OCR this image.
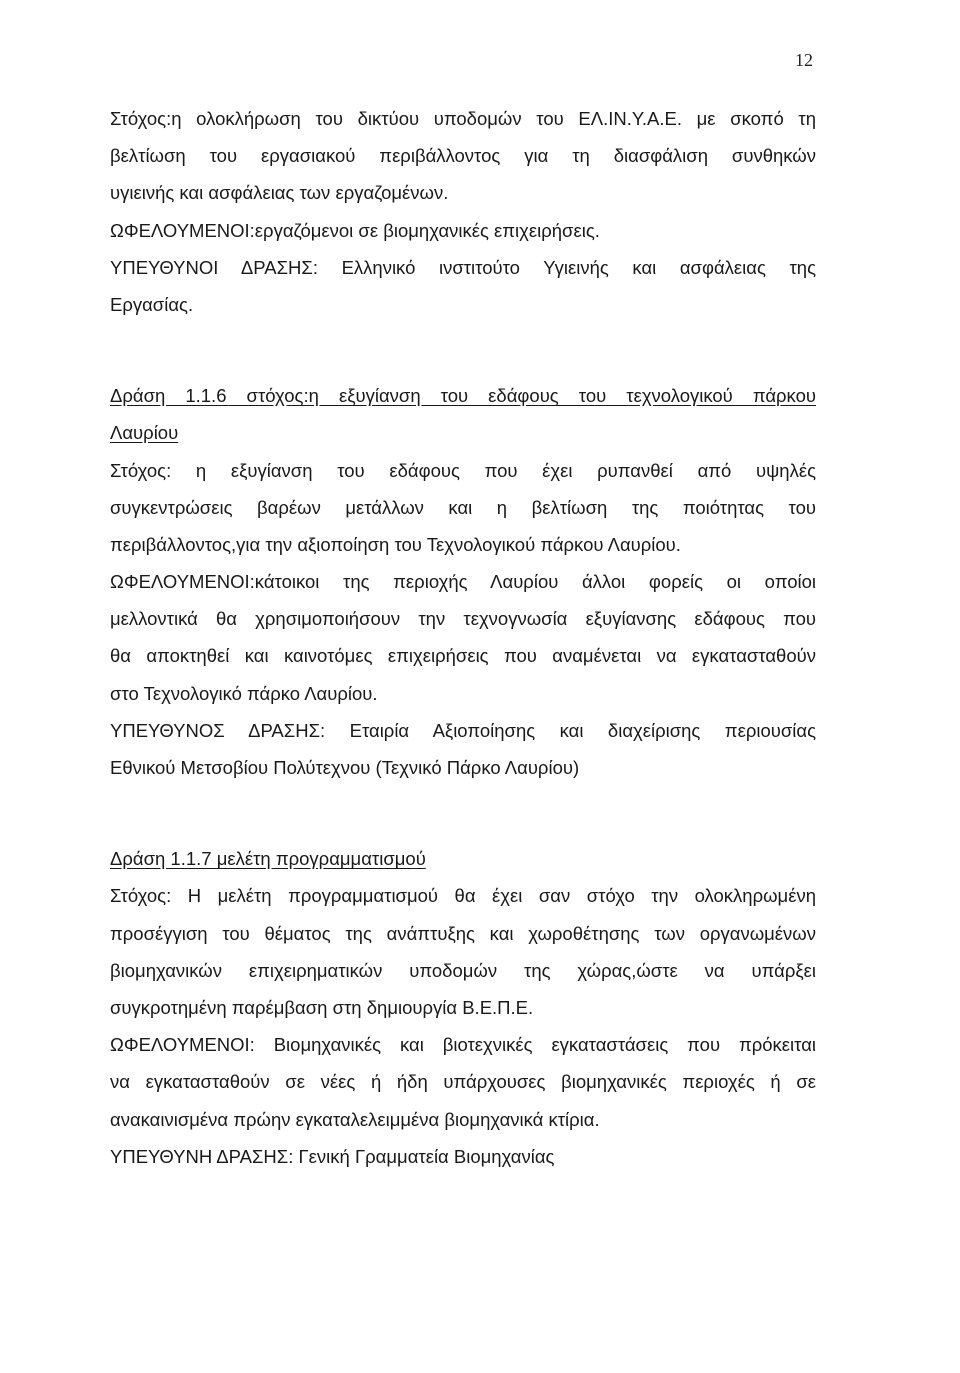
12
Στόχος:η ολοκλήρωση του δικτύου υποδομών του ΕΛ.ΙΝ.Υ.Α.Ε. με σκοπό τη
βελτίωση του εργασιακού περιβάλλοντος για τη διασφάλιση συνθηκών
υγιεινής και ασφάλειας των εργαζομένων.
ΩΦΕΛΟΥΜΕΝΟΙ:εργαζόμενοι σε βιομηχανικές επιχειρήσεις.
ΥΠΕΥΘΥΝΟΙ ΔΡΑΣΗΣ: Ελληνικό ινστιτούτο Υγιεινής και ασφάλειας της
Εργασίας.
Δράση 1.1.6 στόχος:η εξυγίανση του εδάφους του τεχνολογικού πάρκου
Λαυρίου
Στόχος: η εξυγίανση του εδάφους που έχει ρυπανθεί από υψηλές
συγκεντρώσεις βαρέων μετάλλων και η βελτίωση της ποιότητας του
περιβάλλοντος,για την αξιοποίηση του Τεχνολογικού πάρκου Λαυρίου.
ΩΦΕΛΟΥΜΕΝΟΙ:κάτοικοι της περιοχής Λαυρίου άλλοι φορείς οι οποίοι
μελλοντικά θα χρησιμοποιήσουν την τεχνογνωσία εξυγίανσης εδάφους που
θα αποκτηθεί και καινοτόμες επιχειρήσεις που αναμένεται να εγκατασταθούν
στο Τεχνολογικό πάρκο Λαυρίου.
ΥΠΕΥΘΥΝΟΣ ΔΡΑΣΗΣ: Εταιρία Αξιοποίησης και διαχείρισης περιουσίας
Εθνικού Μετσοβίου Πολύτεχνου (Τεχνικό Πάρκο Λαυρίου)
Δράση 1.1.7 μελέτη προγραμματισμού
Στόχος: Η μελέτη προγραμματισμού θα έχει σαν στόχο την ολοκληρωμένη
προσέγγιση του θέματος της ανάπτυξης και χωροθέτησης των οργανωμένων
βιομηχανικών επιχειρηματικών υποδομών της χώρας,ώστε να υπάρξει
συγκροτημένη παρέμβαση στη δημιουργία Β.Ε.Π.Ε.
ΩΦΕΛΟΥΜΕΝΟΙ: Βιομηχανικές και βιοτεχνικές εγκαταστάσεις που πρόκειται
να εγκατασταθούν σε νέες ή ήδη υπάρχουσες βιομηχανικές περιοχές ή σε
ανακαινισμένα πρώην εγκαταλελειμμένα βιομηχανικά κτίρια.
ΥΠΕΥΘΥΝΗ ΔΡΑΣΗΣ: Γενική Γραμματεία Βιομηχανίας
